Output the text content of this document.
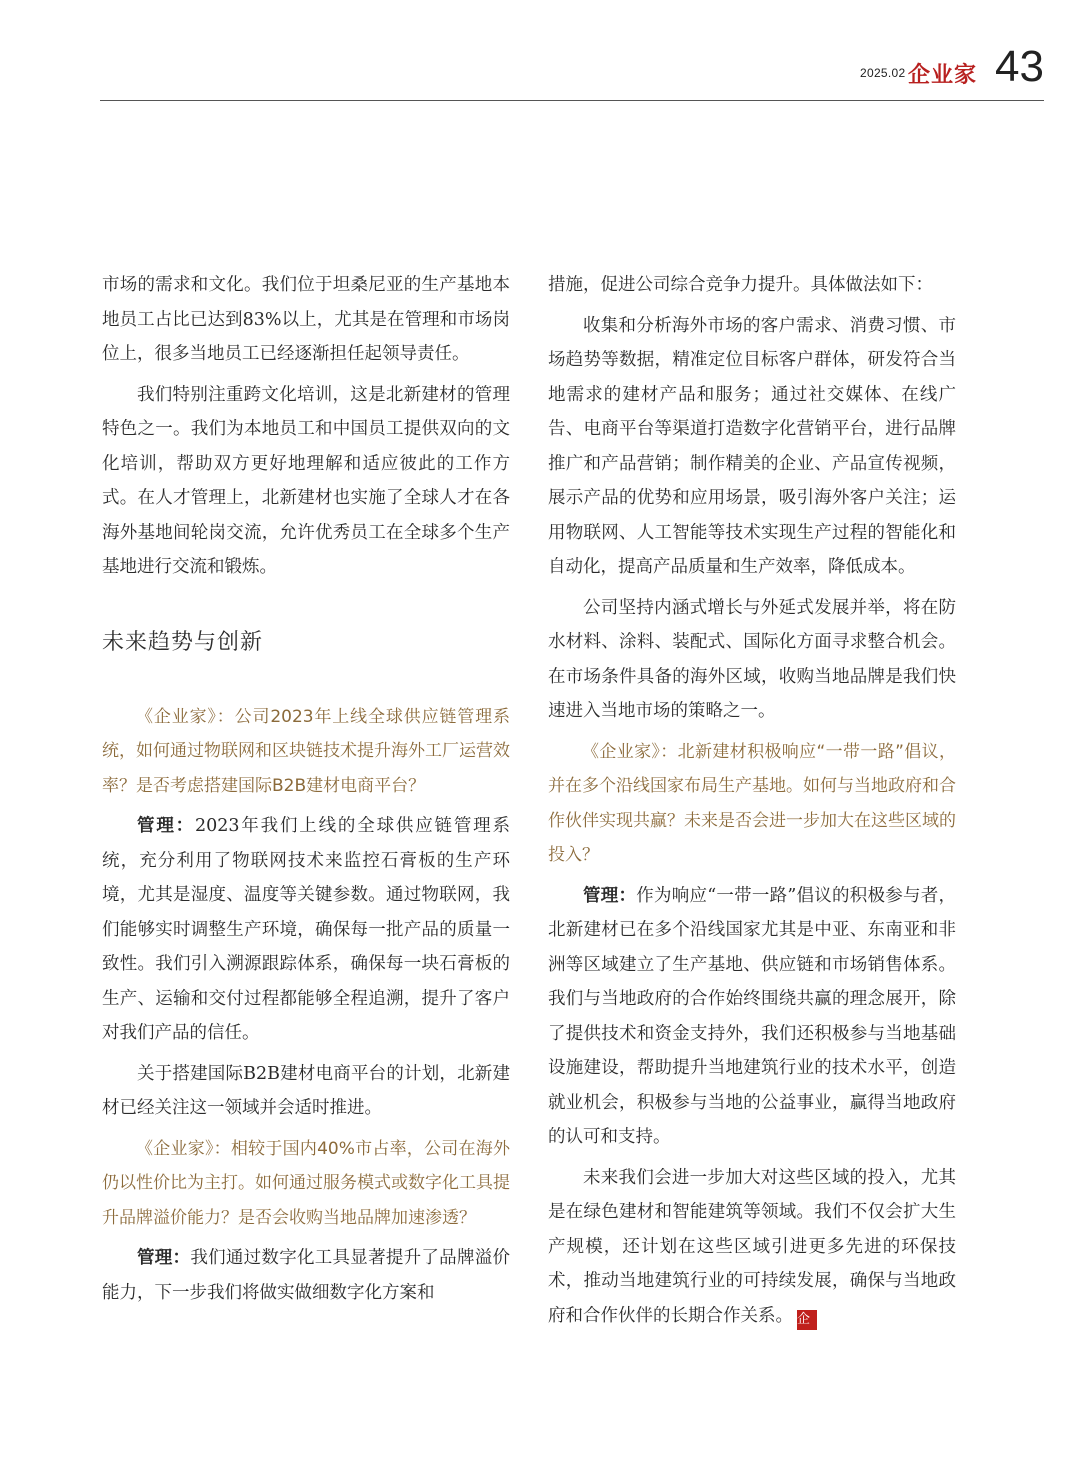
2025.02 企业家 43

市场的需求和文化。我们位于坦桑尼亚的生产基地本地员工占比已达到83%以上，尤其是在管理和市场岗位上，很多当地员工已经逐渐担任起领导责任。

我们特别注重跨文化培训，这是北新建材的管理特色之一。我们为本地员工和中国员工提供双向的文化培训，帮助双方更好地理解和适应彼此的工作方式。在人才管理上，北新建材也实施了全球人才在各海外基地间轮岗交流，允许优秀员工在全球多个生产基地进行交流和锻炼。

未来趋势与创新

《企业家》：公司2023年上线全球供应链管理系统，如何通过物联网和区块链技术提升海外工厂运营效率？是否考虑搭建国际B2B建材电商平台？

管理：2023年我们上线的全球供应链管理系统，充分利用了物联网技术来监控石膏板的生产环境，尤其是湿度、温度等关键参数。通过物联网，我们能够实时调整生产环境，确保每一批产品的质量一致性。我们引入溯源跟踪体系，确保每一块石膏板的生产、运输和交付过程都能够全程追溯，提升了客户对我们产品的信任。

关于搭建国际B2B建材电商平台的计划，北新建材已经关注这一领域并会适时推进。

《企业家》：相较于国内40%市占率，公司在海外仍以性价比为主打。如何通过服务模式或数字化工具提升品牌溢价能力？是否会收购当地品牌加速渗透？

管理：我们通过数字化工具显著提升了品牌溢价能力，下一步我们将做实做细数字化方案和

措施，促进公司综合竞争力提升。具体做法如下：

收集和分析海外市场的客户需求、消费习惯、市场趋势等数据，精准定位目标客户群体，研发符合当地需求的建材产品和服务；通过社交媒体、在线广告、电商平台等渠道打造数字化营销平台，进行品牌推广和产品营销；制作精美的企业、产品宣传视频，展示产品的优势和应用场景，吸引海外客户关注；运用物联网、人工智能等技术实现生产过程的智能化和自动化，提高产品质量和生产效率，降低成本。

公司坚持内涵式增长与外延式发展并举，将在防水材料、涂料、装配式、国际化方面寻求整合机会。在市场条件具备的海外区域，收购当地品牌是我们快速进入当地市场的策略之一。

《企业家》：北新建材积极响应“一带一路”倡议，并在多个沿线国家布局生产基地。如何与当地政府和合作伙伴实现共赢？未来是否会进一步加大在这些区域的投入？

管理：作为响应“一带一路”倡议的积极参与者，北新建材已在多个沿线国家尤其是中亚、东南亚和非洲等区域建立了生产基地、供应链和市场销售体系。我们与当地政府的合作始终围绕共赢的理念展开，除了提供技术和资金支持外，我们还积极参与当地基础设施建设，帮助提升当地建筑行业的技术水平，创造就业机会，积极参与当地的公益事业，赢得当地政府的认可和支持。

未来我们会进一步加大对这些区域的投入，尤其是在绿色建材和智能建筑等领域。我们不仅会扩大生产规模，还计划在这些区域引进更多先进的环保技术，推动当地建筑行业的可持续发展，确保与当地政府和合作伙伴的长期合作关系。 企
